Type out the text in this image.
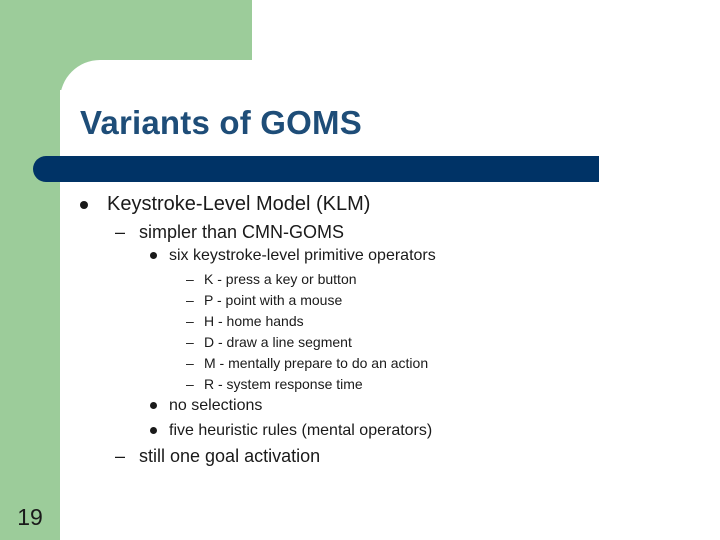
Variants of GOMS
Keystroke-Level Model (KLM)
– simpler than CMN-GOMS
six keystroke-level primitive operators
– K - press a key or button
– P - point with a mouse
– H - home hands
– D - draw a line segment
– M - mentally prepare to do an action
– R - system response time
no selections
five heuristic rules (mental operators)
– still one goal activation
19
